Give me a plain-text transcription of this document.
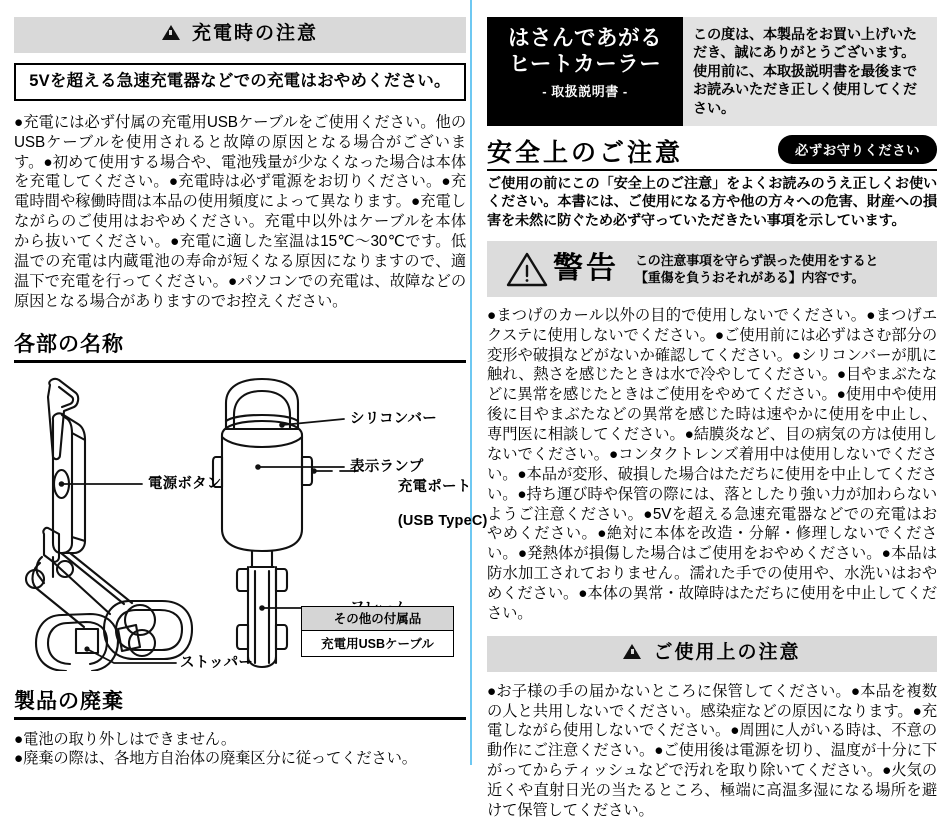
充電時の注意
5Vを超える急速充電器などでの充電はおやめください。
●充電には必ず付属の充電用USBケーブルをご使用ください。他のUSBケーブルを使用されると故障の原因となる場合がございます。●初めて使用する場合や、電池残量が少なくなった場合は本体を充電してください。●充電時は必ず電源をお切りください。●充電時間や稼働時間は本品の使用頻度によって異なります。●充電しながらのご使用はおやめください。充電中以外はケーブルを本体から抜いてください。●充電に適した室温は15℃〜30℃です。低温での充電は内蔵電池の寿命が短くなる原因になりますので、適温下で充電を行ってください。●パソコンでの充電は、故障などの原因となる場合がありますのでお控えください。
各部の名称
電源ボタン
シリコンバー
表示ランプ

充電ポート

(USB TypeC)

ストッパー
製品の廃棄
●電池の取り外しはできません。
●廃棄の際は、各地方自治体の廃棄区分に従ってください。
その他の付属品
充電用USBケーブル
はさんであがる
ヒートカーラー
- 取扱説明書 -
この度は、本製品をお買い上げいただき、誠にありがとうございます。使用前に、本取扱説明書を最後までお読みいただき正しく使用してください。
安全上のご注意	必ずお守りください
ご使用の前にこの「安全上のご注意」をよくお読みのうえ正しくお使いください。本書には、ご使用になる方や他の方々への危害、財産への損害を未然に防ぐため必ず守っていただきたい事項を示しています。
警告 この注意事項を守らず誤った使用をすると
【重傷を負うおそれがある】内容です。
●まつげのカール以外の目的で使用しないでください。●まつげエクステに使用しないでください。●ご使用前には必ずはさむ部分の変形や破損などがないか確認してください。●シリコンバーが肌に触れ、熱さを感じたときは水で冷やしてください。●目やまぶたなどに異常を感じたときはご使用をやめてください。●使用中や使用後に目やまぶたなどの異常を感じた時は速やかに使用を中止し、専門医に相談してください。●結膜炎など、目の病気の方は使用しないでください。●コンタクトレンズ着用中は使用しないでください。●本品が変形、破損した場合はただちに使用を中止してください。●持ち運び時や保管の際には、落としたり強い力が加わらないようご注意ください。●5Vを超える急速充電器などでの充電はおやめください。●絶対に本体を改造・分解・修理しないでください。●発熱体が損傷した場合はご使用をおやめください。●本品は防水加工されておりません。濡れた手での使用や、水洗いはおやめください。●本体の異常・故障時はただちに使用を中止してください。
ご使用上の注意
●お子様の手の届かないところに保管してください。●本品を複数の人と共用しないでください。感染症などの原因になります。●充電しながら使用しないでください。●周囲に人がいる時は、不意の動作にご注意ください。●ご使用後は電源を切り、温度が十分に下がってからティッシュなどで汚れを取り除いてください。●火気の近くや直射日光の当たるところ、極端に高温多湿になる場所を避けて保管してください。
